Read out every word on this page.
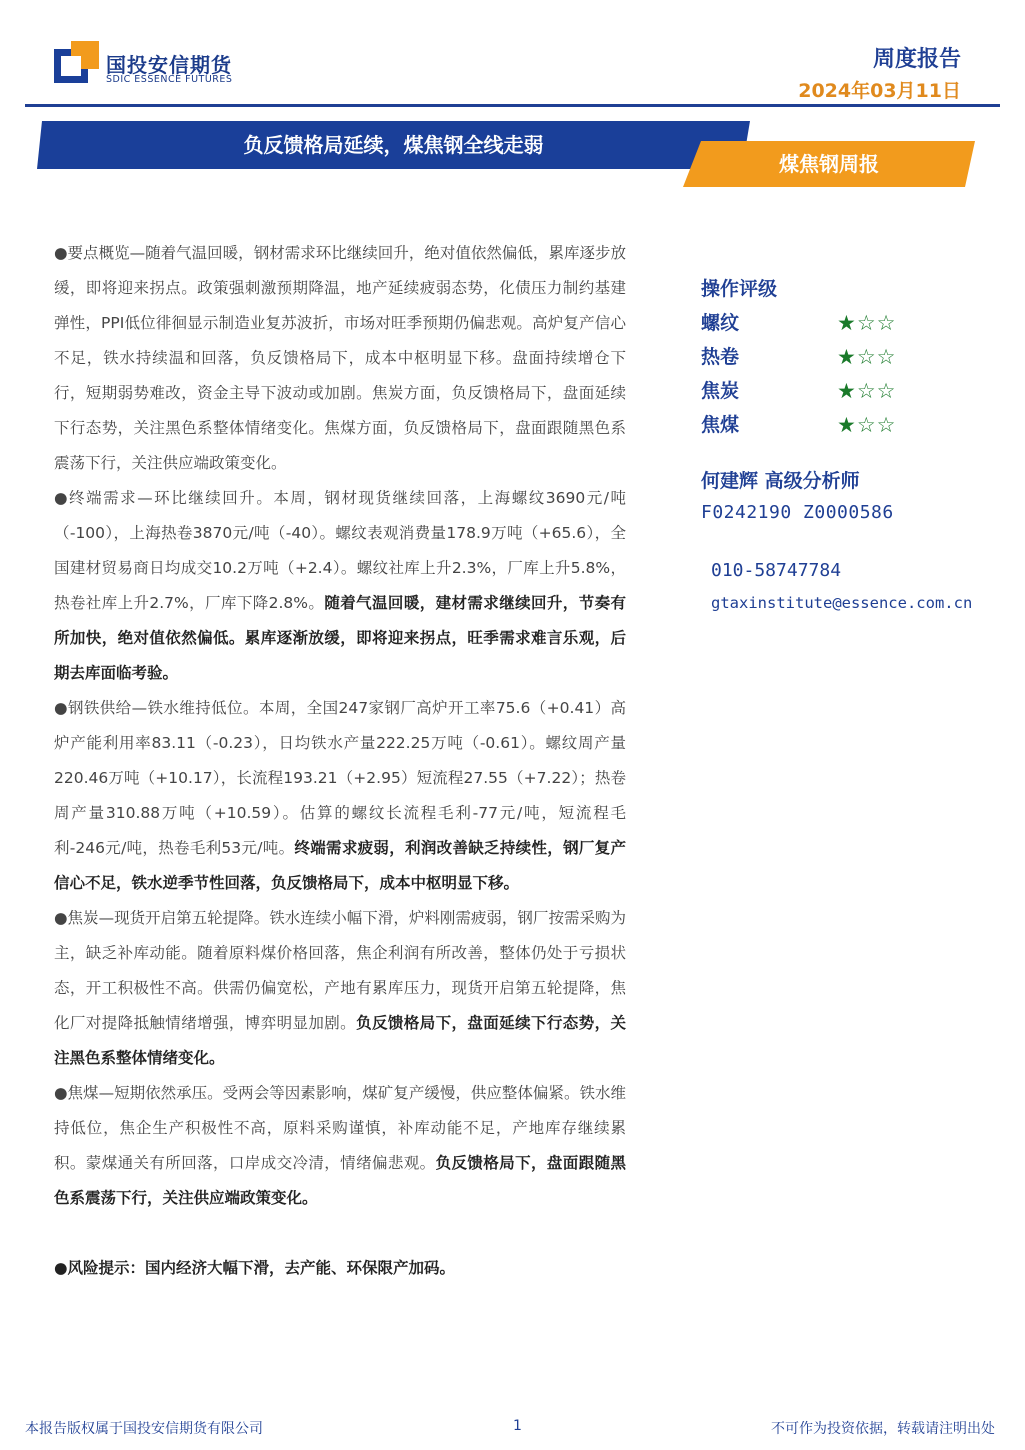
国投安信期货
SDIC ESSENCE FUTURES
周度报告
2024年03月11日
负反馈格局延续，煤焦钢全线走弱
煤焦钢周报

●要点概览—随着气温回暖，钢材需求环比继续回升，绝对值依然偏低，累库逐步放缓，即将迎来拐点。政策强刺激预期降温，地产延续疲弱态势，化债压力制约基建弹性，PPI低位徘徊显示制造业复苏波折，市场对旺季预期仍偏悲观。高炉复产信心不足，铁水持续温和回落，负反馈格局下，成本中枢明显下移。盘面持续增仓下行，短期弱势难改，资金主导下波动或加剧。焦炭方面，负反馈格局下，盘面延续下行态势，关注黑色系整体情绪变化。焦煤方面，负反馈格局下，盘面跟随黑色系震荡下行，关注供应端政策变化。

●终端需求—环比继续回升。本周，钢材现货继续回落，上海螺纹3690元/吨（-100），上海热卷3870元/吨（-40）。螺纹表观消费量178.9万吨（+65.6），全国建材贸易商日均成交10.2万吨（+2.4）。螺纹社库上升2.3%，厂库上升5.8%，热卷社库上升2.7%，厂库下降2.8%。随着气温回暖，建材需求继续回升，节奏有所加快，绝对值依然偏低。累库逐渐放缓，即将迎来拐点，旺季需求难言乐观，后期去库面临考验。

●钢铁供给—铁水维持低位。本周，全国247家钢厂高炉开工率75.6（+0.41）高炉产能利用率83.11（-0.23），日均铁水产量222.25万吨（-0.61）。螺纹周产量220.46万吨（+10.17），长流程193.21（+2.95）短流程27.55（+7.22）；热卷周产量310.88万吨（+10.59）。估算的螺纹长流程毛利-77元/吨，短流程毛利-246元/吨，热卷毛利53元/吨。终端需求疲弱，利润改善缺乏持续性，钢厂复产信心不足，铁水逆季节性回落，负反馈格局下，成本中枢明显下移。

●焦炭—现货开启第五轮提降。铁水连续小幅下滑，炉料刚需疲弱，钢厂按需采购为主，缺乏补库动能。随着原料煤价格回落，焦企利润有所改善，整体仍处于亏损状态，开工积极性不高。供需仍偏宽松，产地有累库压力，现货开启第五轮提降，焦化厂对提降抵触情绪增强，博弈明显加剧。负反馈格局下，盘面延续下行态势，关注黑色系整体情绪变化。

●焦煤—短期依然承压。受两会等因素影响，煤矿复产缓慢，供应整体偏紧。铁水维持低位，焦企生产积极性不高，原料采购谨慎，补库动能不足，产地库存继续累积。蒙煤通关有所回落，口岸成交冷清，情绪偏悲观。负反馈格局下，盘面跟随黑色系震荡下行，关注供应端政策变化。

●风险提示：国内经济大幅下滑，去产能、环保限产加码。

操作评级
螺纹	★☆☆
热卷	★☆☆
焦炭	★☆☆
焦煤	★☆☆
何建辉 高级分析师
F0242190 Z0000586
010-58747784
gtaxinstitute@essence.com.cn
本报告版权属于国投安信期货有限公司	1	不可作为投资依据，转载请注明出处
